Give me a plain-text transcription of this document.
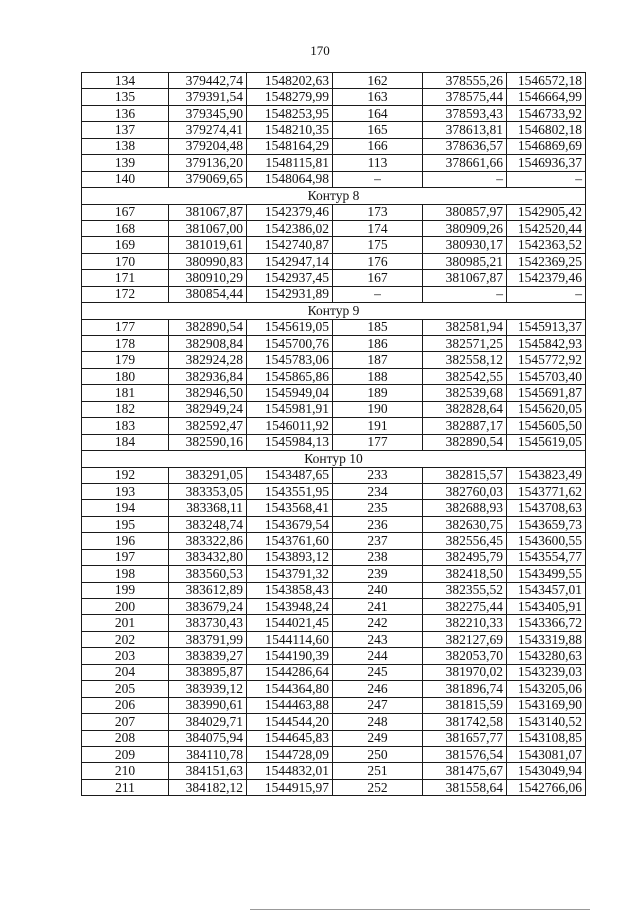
170
134	379442,74	1548202,63	162	378555,26	1546572,18
135	379391,54	1548279,99	163	378575,44	1546664,99
136	379345,90	1548253,95	164	378593,43	1546733,92
137	379274,41	1548210,35	165	378613,81	1546802,18
138	379204,48	1548164,29	166	378636,57	1546869,69
139	379136,20	1548115,81	113	378661,66	1546936,37
140	379069,65	1548064,98	–	–	–
Контур 8					
167	381067,87	1542379,46	173	380857,97	1542905,42
168	381067,00	1542386,02	174	380909,26	1542520,44
169	381019,61	1542740,87	175	380930,17	1542363,52
170	380990,83	1542947,14	176	380985,21	1542369,25
171	380910,29	1542937,45	167	381067,87	1542379,46
172	380854,44	1542931,89	–	–	–
Контур 9					
177	382890,54	1545619,05	185	382581,94	1545913,37
178	382908,84	1545700,76	186	382571,25	1545842,93
179	382924,28	1545783,06	187	382558,12	1545772,92
180	382936,84	1545865,86	188	382542,55	1545703,40
181	382946,50	1545949,04	189	382539,68	1545691,87
182	382949,24	1545981,91	190	382828,64	1545620,05
183	382592,47	1546011,92	191	382887,17	1545605,50
184	382590,16	1545984,13	177	382890,54	1545619,05
Контур 10					
192	383291,05	1543487,65	233	382815,57	1543823,49
193	383353,05	1543551,95	234	382760,03	1543771,62
194	383368,11	1543568,41	235	382688,93	1543708,63
195	383248,74	1543679,54	236	382630,75	1543659,73
196	383322,86	1543761,60	237	382556,45	1543600,55
197	383432,80	1543893,12	238	382495,79	1543554,77
198	383560,53	1543791,32	239	382418,50	1543499,55
199	383612,89	1543858,43	240	382355,52	1543457,01
200	383679,24	1543948,24	241	382275,44	1543405,91
201	383730,43	1544021,45	242	382210,33	1543366,72
202	383791,99	1544114,60	243	382127,69	1543319,88
203	383839,27	1544190,39	244	382053,70	1543280,63
204	383895,87	1544286,64	245	381970,02	1543239,03
205	383939,12	1544364,80	246	381896,74	1543205,06
206	383990,61	1544463,88	247	381815,59	1543169,90
207	384029,71	1544544,20	248	381742,58	1543140,52
208	384075,94	1544645,83	249	381657,77	1543108,85
209	384110,78	1544728,09	250	381576,54	1543081,07
210	384151,63	1544832,01	251	381475,67	1543049,94
211	384182,12	1544915,97	252	381558,64	1542766,06
